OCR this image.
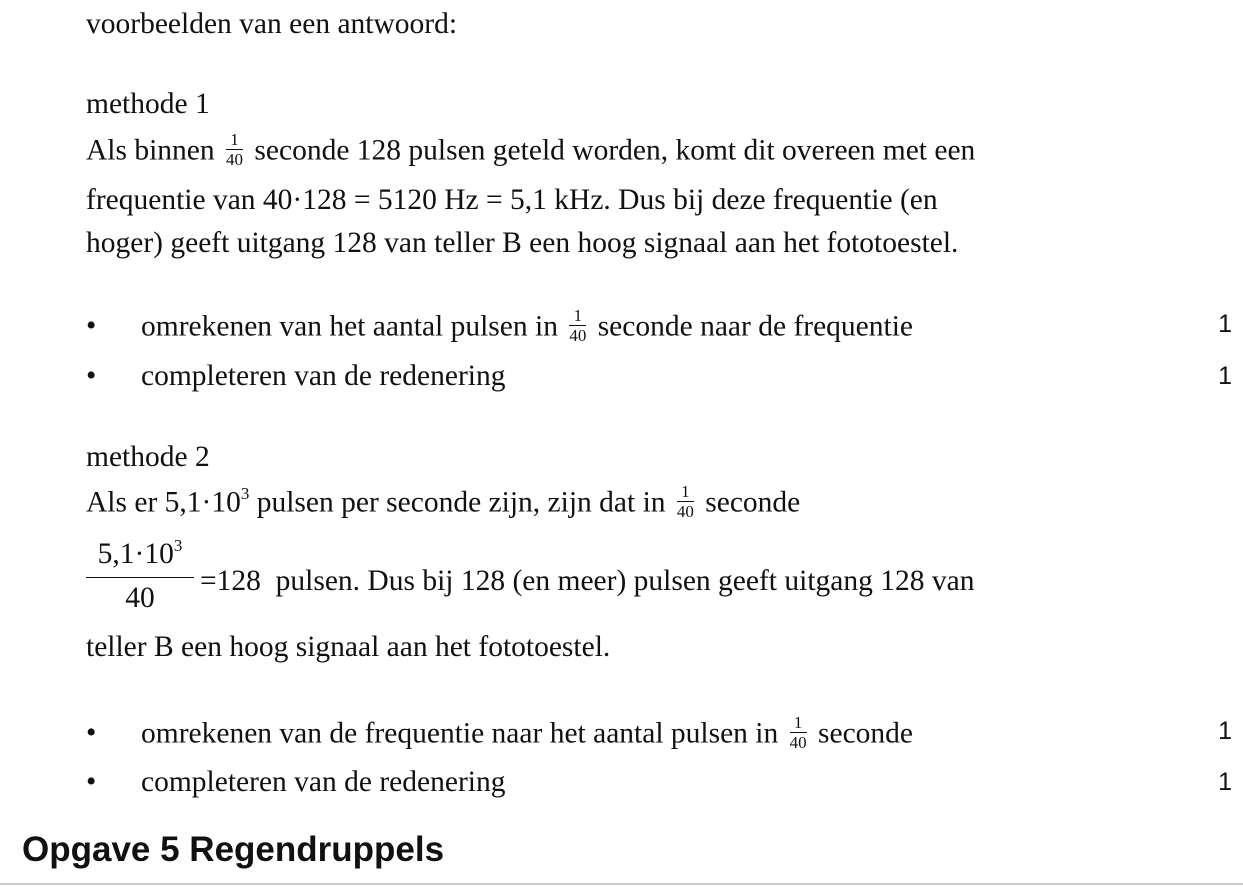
voorbeelden van een antwoord:
methode 1
Als binnen $\frac{1}{40}$ seconde 128 pulsen geteld worden, komt dit overeen met een
frequentie van 40·128 = 5120 Hz = 5,1 kHz. Dus bij deze frequentie (en
hoger) geeft uitgang 128 van teller B een hoog signaal aan het fototoestel.
• omrekenen van het aantal pulsen in $\frac{1}{40}$ seconde naar de frequentie	1
• completeren van de redenering	1
methode 2
Als er $5,1\cdot 10^3$ pulsen per seconde zijn, zijn dat in $\frac{1}{40}$ seconde
$\frac{5,1\cdot 10^3}{40} =128$  pulsen. Dus bij 128 (en meer) pulsen geeft uitgang 128 van
teller B een hoog signaal aan het fototoestel.
• omrekenen van de frequentie naar het aantal pulsen in $\frac{1}{40}$ seconde	1
• completeren van de redenering	1
Opgave 5 Regendruppels
